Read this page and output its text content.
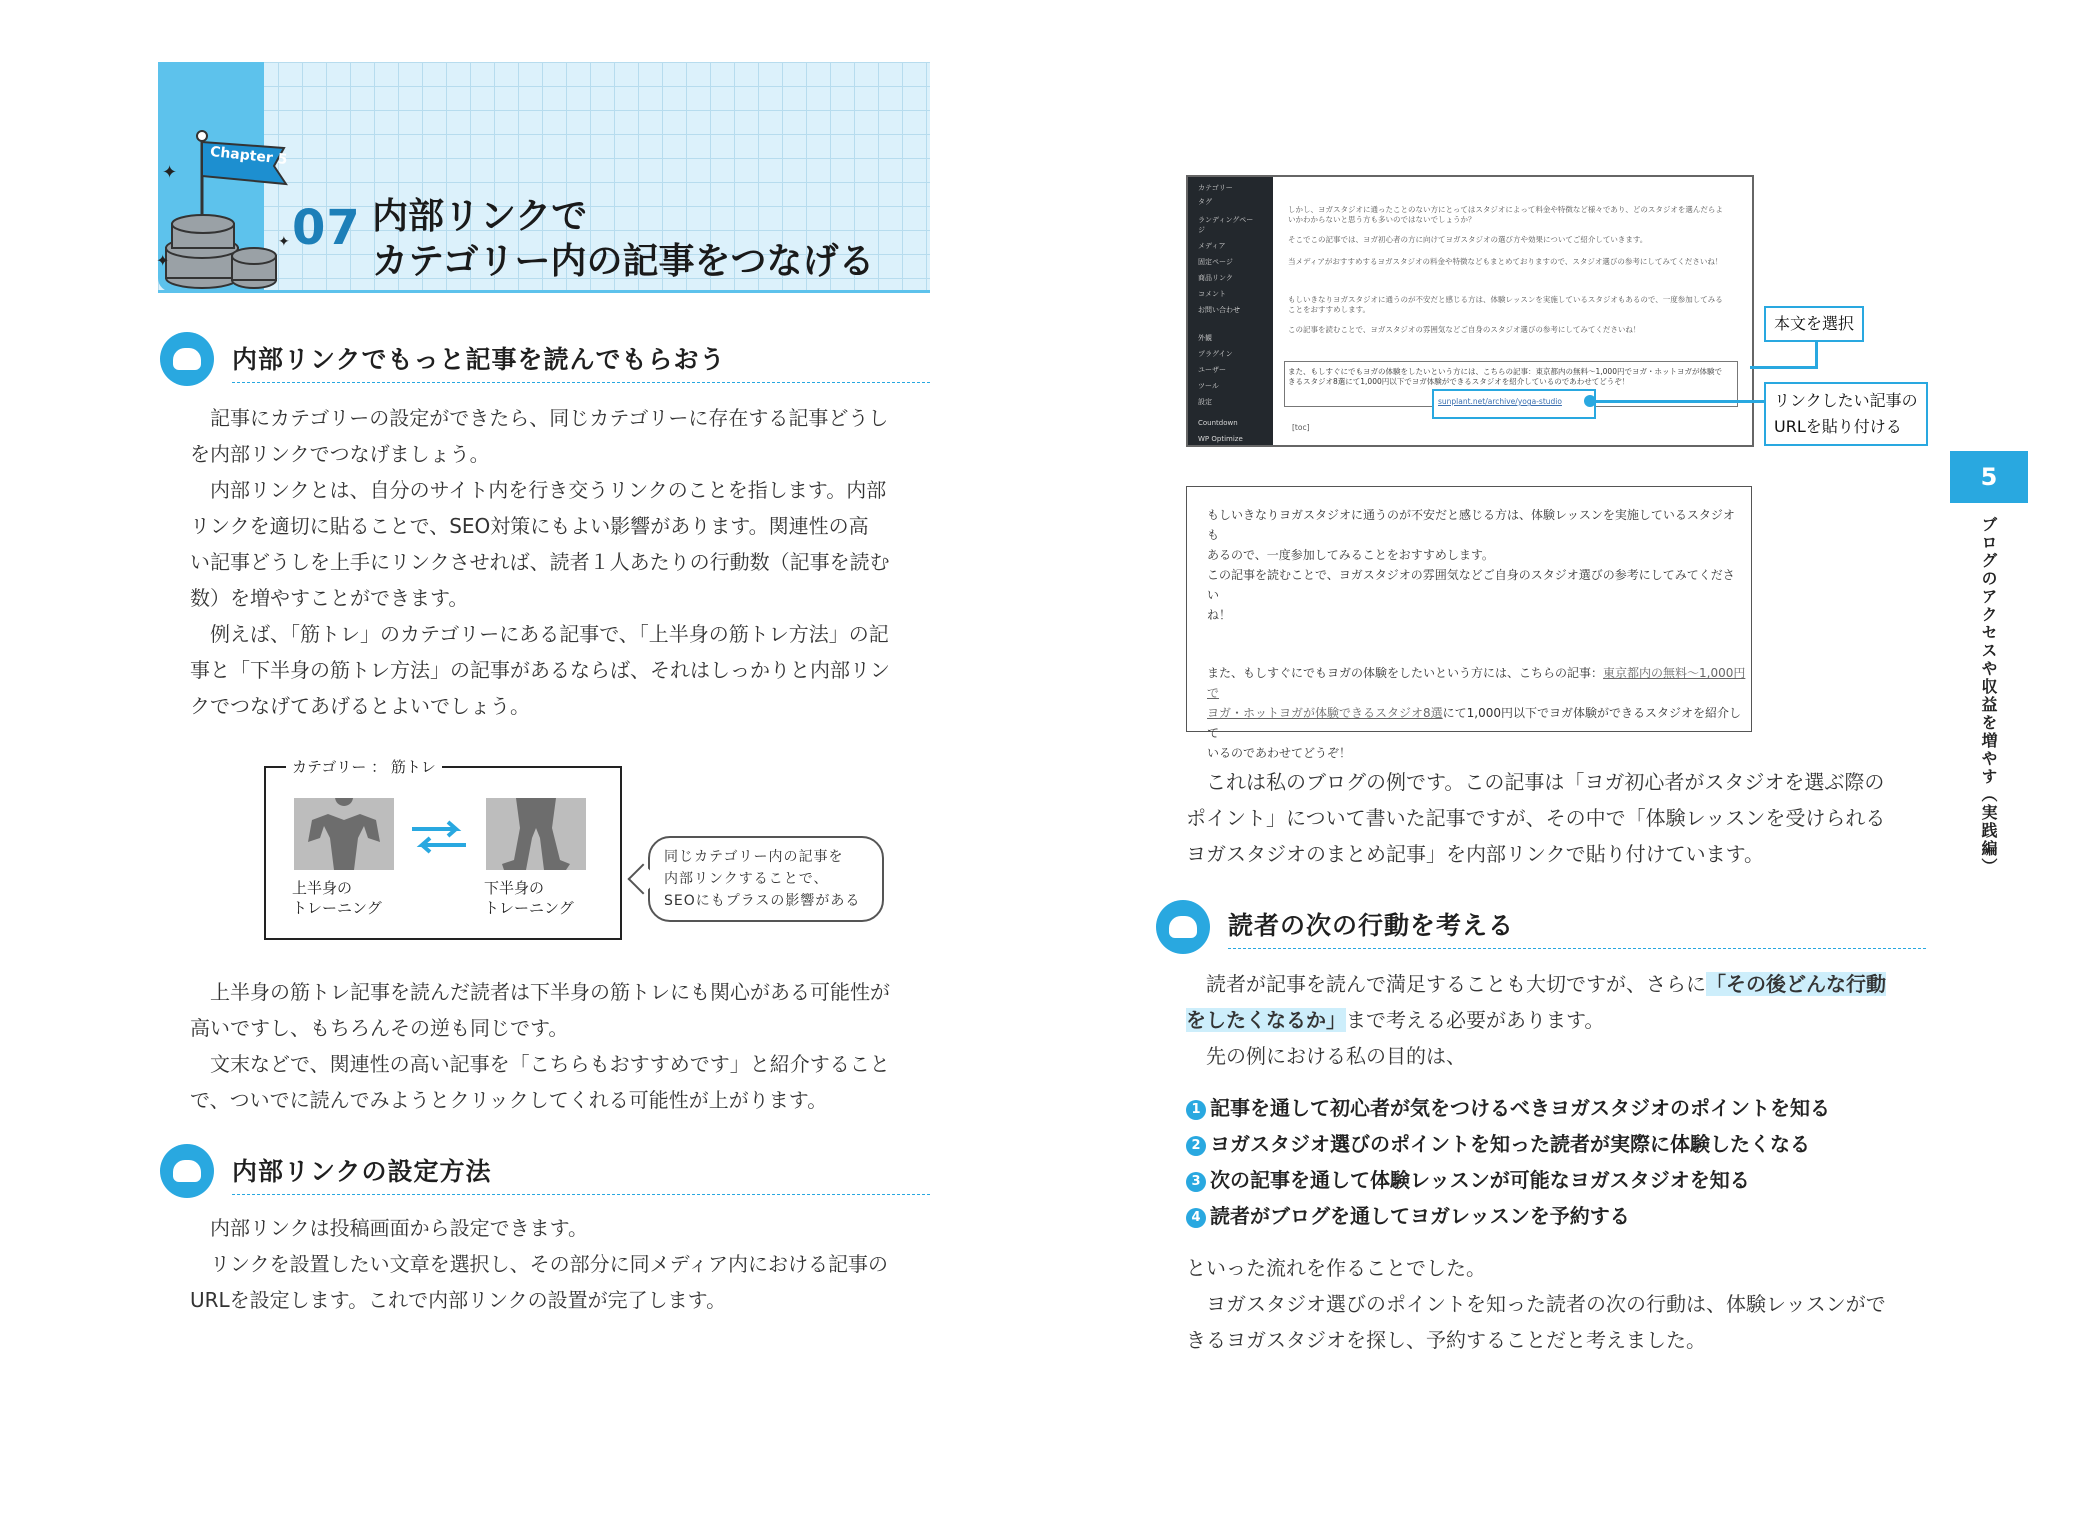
✦
✦
✦
Chapter 5
07 内部リンクで
カテゴリー内の記事をつなげる
内部リンクでもっと記事を読んでもらおう
　記事にカテゴリーの設定ができたら、同じカテゴリーに存在する記事どうし
を内部リンクでつなげましょう。
　内部リンクとは、自分のサイト内を行き交うリンクのことを指します。内部
リンクを適切に貼ることで、SEO対策にもよい影響があります。関連性の高
い記事どうしを上手にリンクさせれば、読者１人あたりの行動数（記事を読む
数）を増やすことができます。
　例えば、「筋トレ」のカテゴリーにある記事で、「上半身の筋トレ方法」の記
事と「下半身の筋トレ方法」の記事があるならば、それはしっかりと内部リン
クでつなげてあげるとよいでしょう。
カテゴリー ： 筋トレ
上半身の
トレーニング
下半身の
トレーニング
同じカテゴリー内の記事を
内部リンクすることで、
SEOにもプラスの影響がある
　上半身の筋トレ記事を読んだ読者は下半身の筋トレにも関心がある可能性が
高いですし、もちろんその逆も同じです。
　文末などで、関連性の高い記事を「こちらもおすすめです」と紹介すること
で、ついでに読んでみようとクリックしてくれる可能性が上がります。
内部リンクの設定方法
　内部リンクは投稿画面から設定できます。
　リンクを設置したい文章を選択し、その部分に同メディア内における記事の
URLを設定します。これで内部リンクの設置が完了します。
カテゴリー
タグ
ランディングペー
ジ
メディア
固定ページ
商品リンク
コメント
お問い合わせ
外観
プラグイン
ユーザー
ツール
設定
Countdown
WP Optimize
しかし、ヨガスタジオに通ったことのない方にとってはスタジオによって料金や特徴など様々であり、どのスタジオを選んだらよいかわからないと思う方も多いのではないでしょうか？
そこでこの記事では、ヨガ初心者の方に向けてヨガスタジオの選び方や効果についてご紹介していきます。
当メディアがおすすめするヨガスタジオの料金や特徴などもまとめておりますので、スタジオ選びの参考にしてみてくださいね！
もしいきなりヨガスタジオに通うのが不安だと感じる方は、体験レッスンを実施しているスタジオもあるので、一度参加してみることをおすすめします。
この記事を読むことで、ヨガスタジオの雰囲気などご自身のスタジオ選びの参考にしてみてくださいね！
また、もしすぐにでもヨガの体験をしたいという方には、こちらの記事：東京都内の無料〜1,000円でヨガ・ホットヨガが体験できるスタジオ8選にて1,000円以下でヨガ体験ができるスタジオを紹介しているのであわせてどうぞ！
sunplant.net/archive/yoga-studio
[toc]
本文を選択
リンクしたい記事の
URLを貼り付ける
もしいきなりヨガスタジオに通うのが不安だと感じる方は、体験レッスンを実施しているスタジオも
あるので、一度参加してみることをおすすめします。
この記事を読むことで、ヨガスタジオの雰囲気などご自身のスタジオ選びの参考にしてみてください
ね！
また、もしすぐにでもヨガの体験をしたいという方には、こちらの記事：東京都内の無料〜1,000円で
ヨガ・ホットヨガが体験できるスタジオ8選にて1,000円以下でヨガ体験ができるスタジオを紹介して
いるのであわせてどうぞ！
　これは私のブログの例です。この記事は「ヨガ初心者がスタジオを選ぶ際の
ポイント」について書いた記事ですが、その中で「体験レッスンを受けられる
ヨガスタジオのまとめ記事」を内部リンクで貼り付けています。
読者の次の行動を考える
　読者が記事を読んで満足することも大切ですが、さらに「その後どんな行動
をしたくなるか」まで考える必要があります。
　先の例における私の目的は、
1 記事を通して初心者が気をつけるべきヨガスタジオのポイントを知る
2 ヨガスタジオ選びのポイントを知った読者が実際に体験したくなる
3 次の記事を通して体験レッスンが可能なヨガスタジオを知る
4 読者がブログを通してヨガレッスンを予約する
といった流れを作ることでした。
　ヨガスタジオ選びのポイントを知った読者の次の行動は、体験レッスンがで
きるヨガスタジオを探し、予約することだと考えました。
5
ブログのアクセスや収益を増やす（実践編）
